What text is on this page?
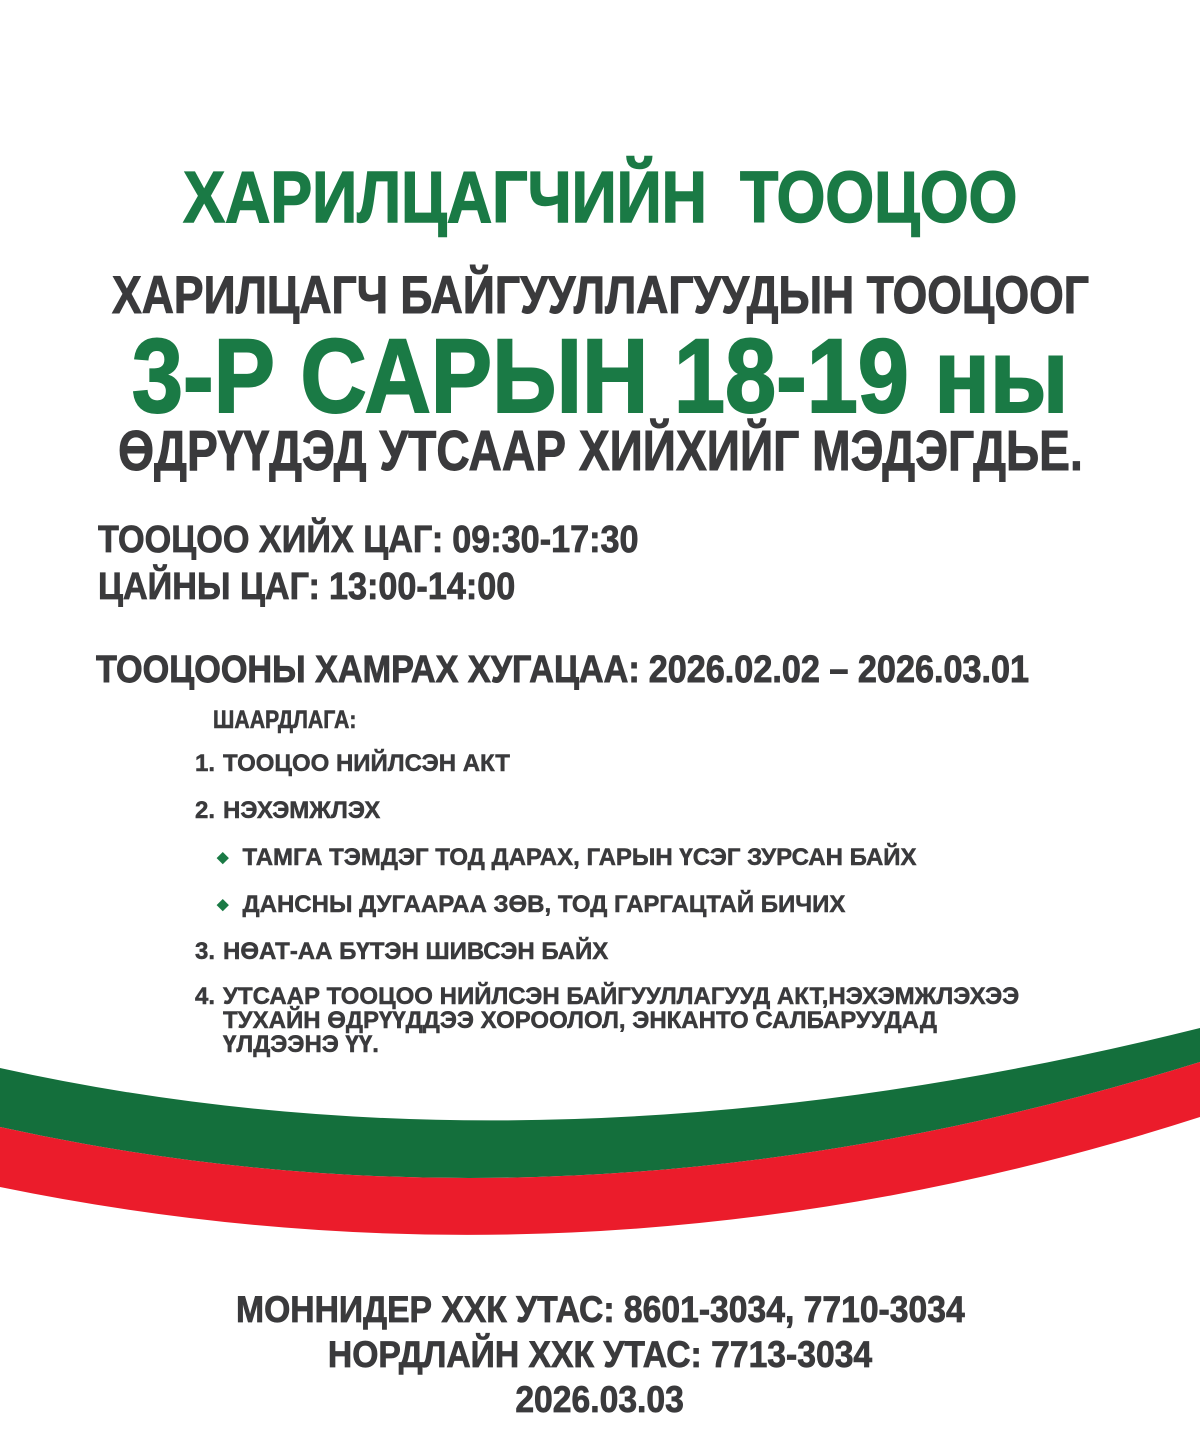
ХАРИЛЦАГЧИЙН ТООЦОО
ХАРИЛЦАГЧ БАЙГУУЛЛАГУУДЫН ТООЦООГ
3-Р САРЫН 18-19 ны
ӨДРҮҮДЭД УТСААР ХИЙХИЙГ МЭДЭГДЬЕ.
ТООЦОО ХИЙХ ЦАГ: 09:30-17:30
ЦАЙНЫ ЦАГ: 13:00-14:00
ТООЦООНЫ ХАМРАХ ХУГАЦАА: 2026.02.02 – 2026.03.01
ШААРДЛАГА:
1. ТООЦОО НИЙЛСЭН АКТ
2. НЭХЭМЖЛЭХ
◆ ТАМГА ТЭМДЭГ ТОД ДАРАХ, ГАРЫН ҮСЭГ ЗУРСАН БАЙХ
◆ ДАНСНЫ ДУГААРАА ЗӨВ, ТОД ГАРГАЦТАЙ БИЧИХ
3. НӨАТ-АА БҮТЭН ШИВСЭН БАЙХ
4. УТСААР ТООЦОО НИЙЛСЭН БАЙГУУЛЛАГУУД АКТ,НЭХЭМЖЛЭХЭЭ
ТУХАЙН ӨДРҮҮДДЭЭ ХОРООЛОЛ, ЭНКАНТО САЛБАРУУДАД
ҮЛДЭЭНЭ ҮҮ.
МОННИДЕР ХХК УТАС: 8601-3034, 7710-3034
НОРДЛАЙН ХХК УТАС: 7713-3034
2026.03.03
